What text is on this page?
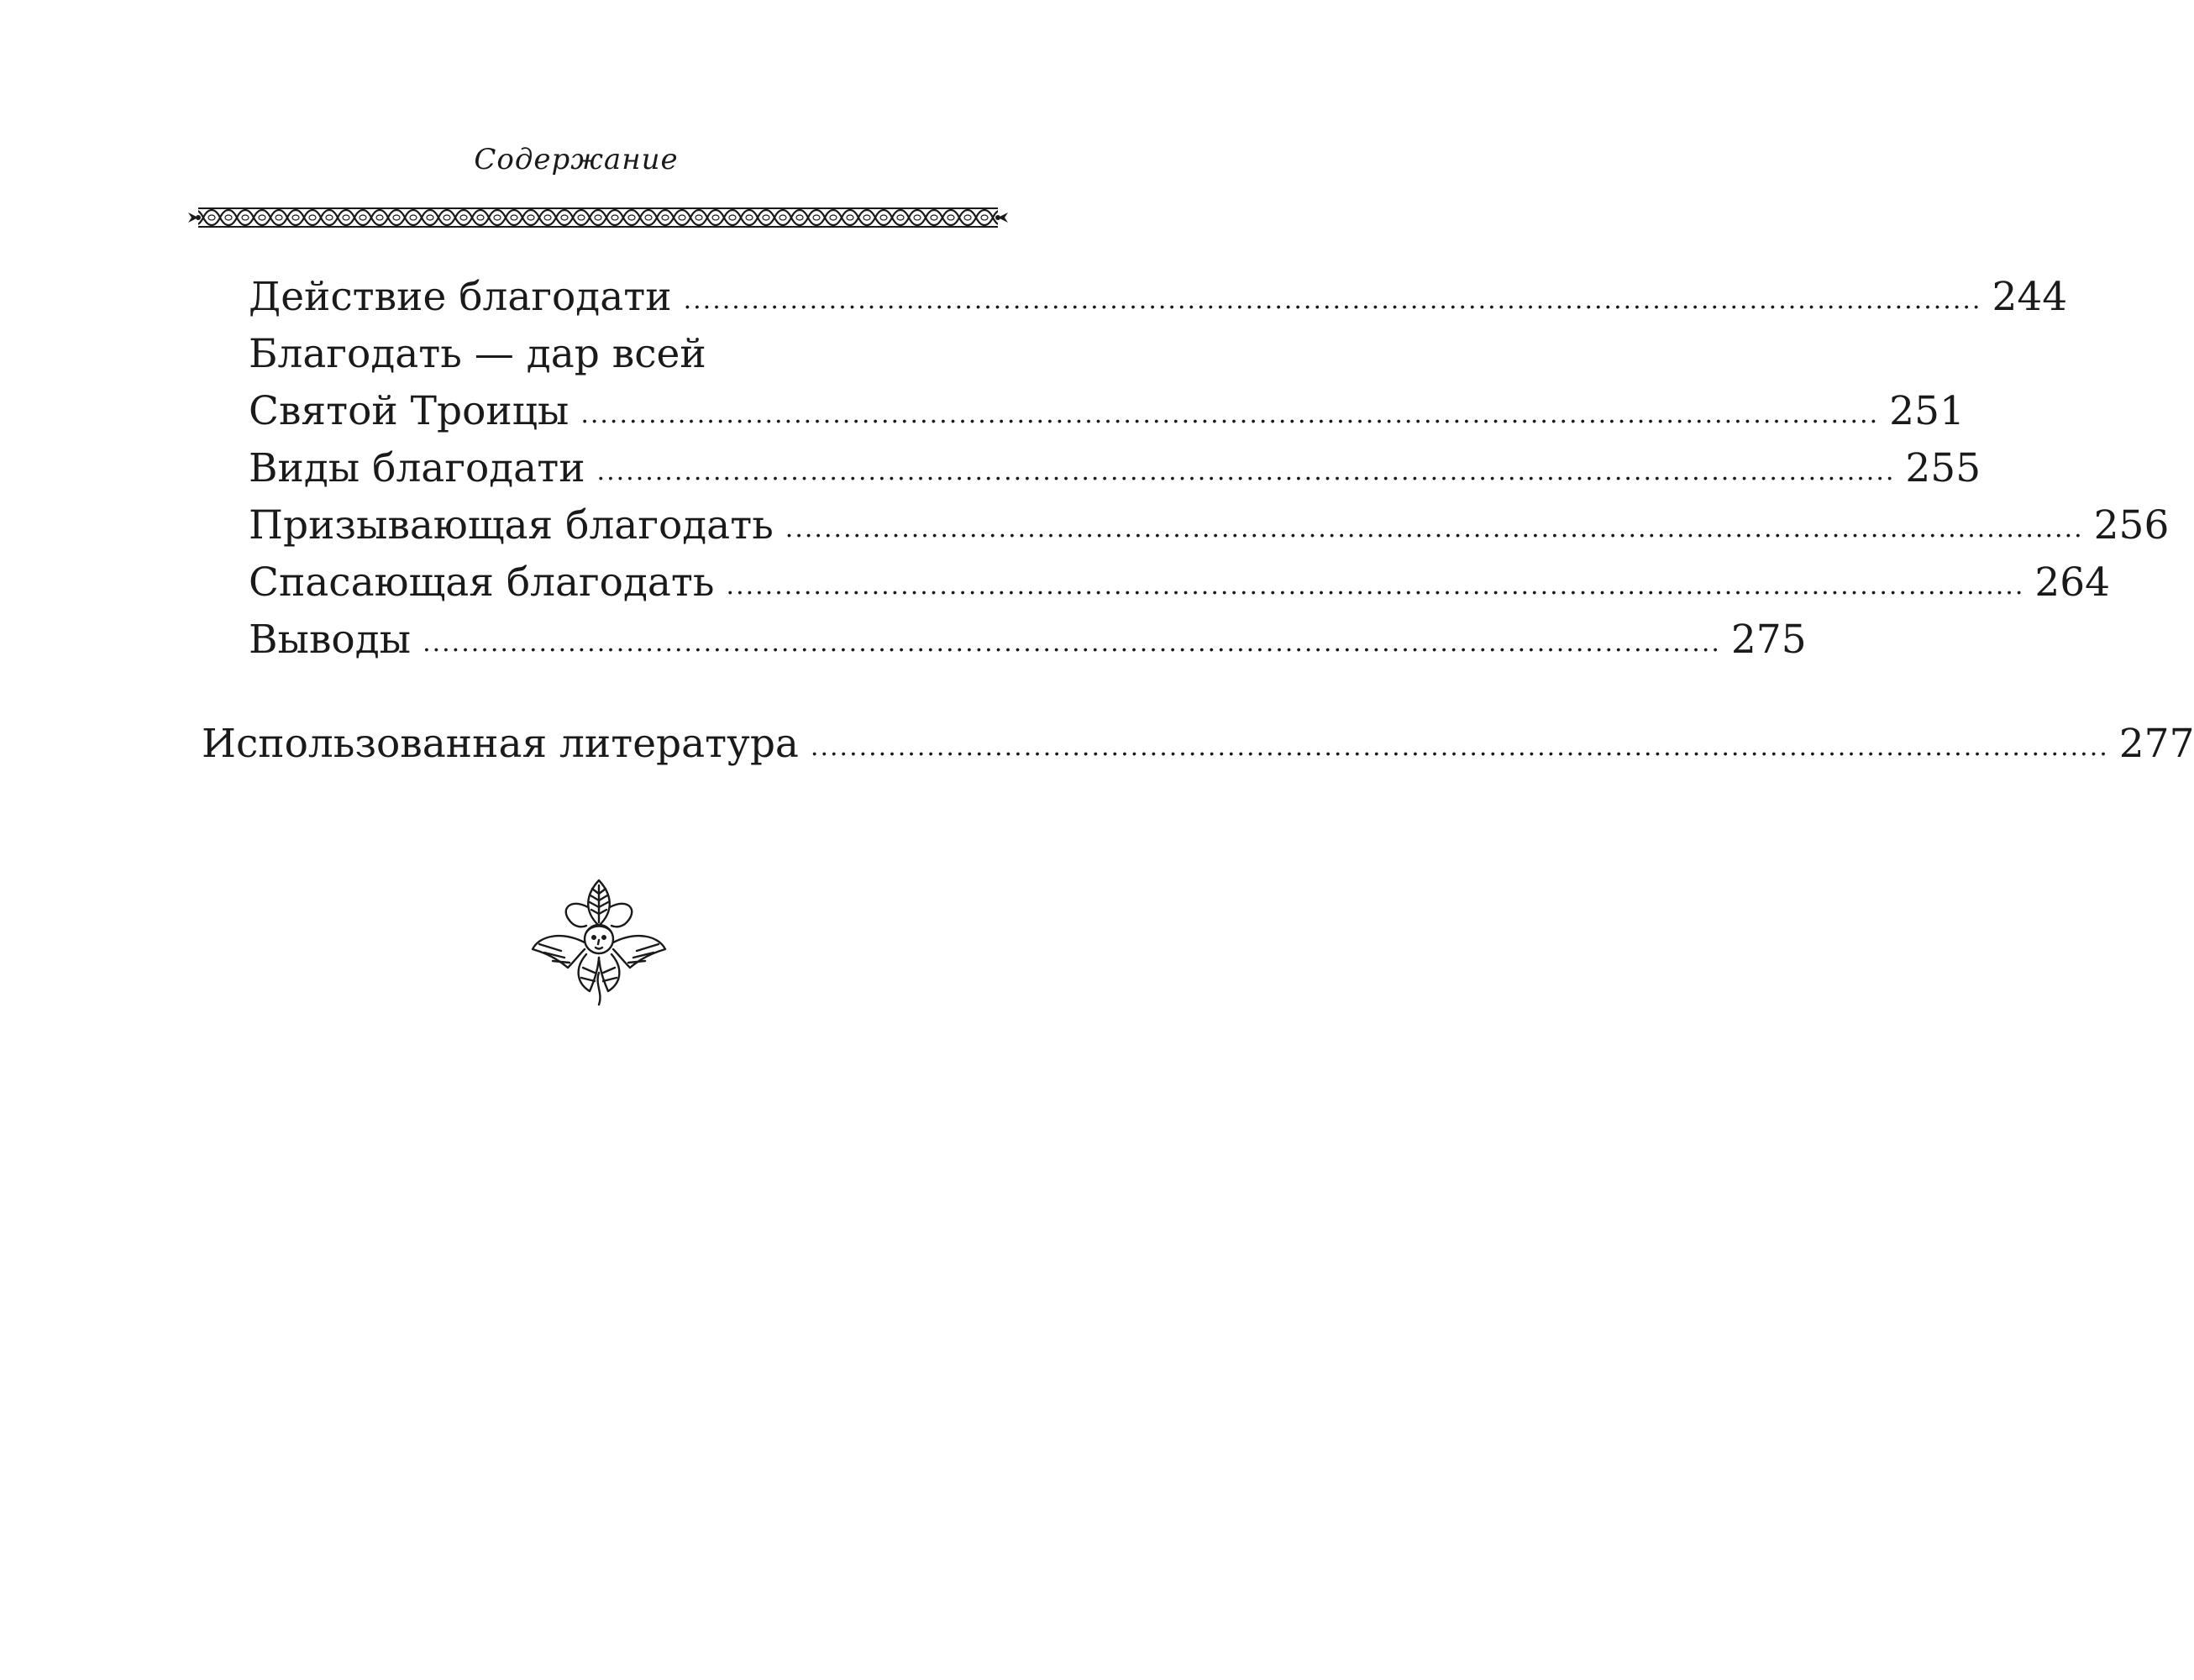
Содержание
Действие благодати ...................................................................................................................................... 244
Благодать — дар всей
Святой Троицы ...................................................................................................................................... 251
Виды благодати ...................................................................................................................................... 255
Призывающая благодать ...................................................................................................................................... 256
Спасающая благодать ...................................................................................................................................... 264
Выводы ...................................................................................................................................... 275
Использованная литература ...................................................................................................................................... 277
